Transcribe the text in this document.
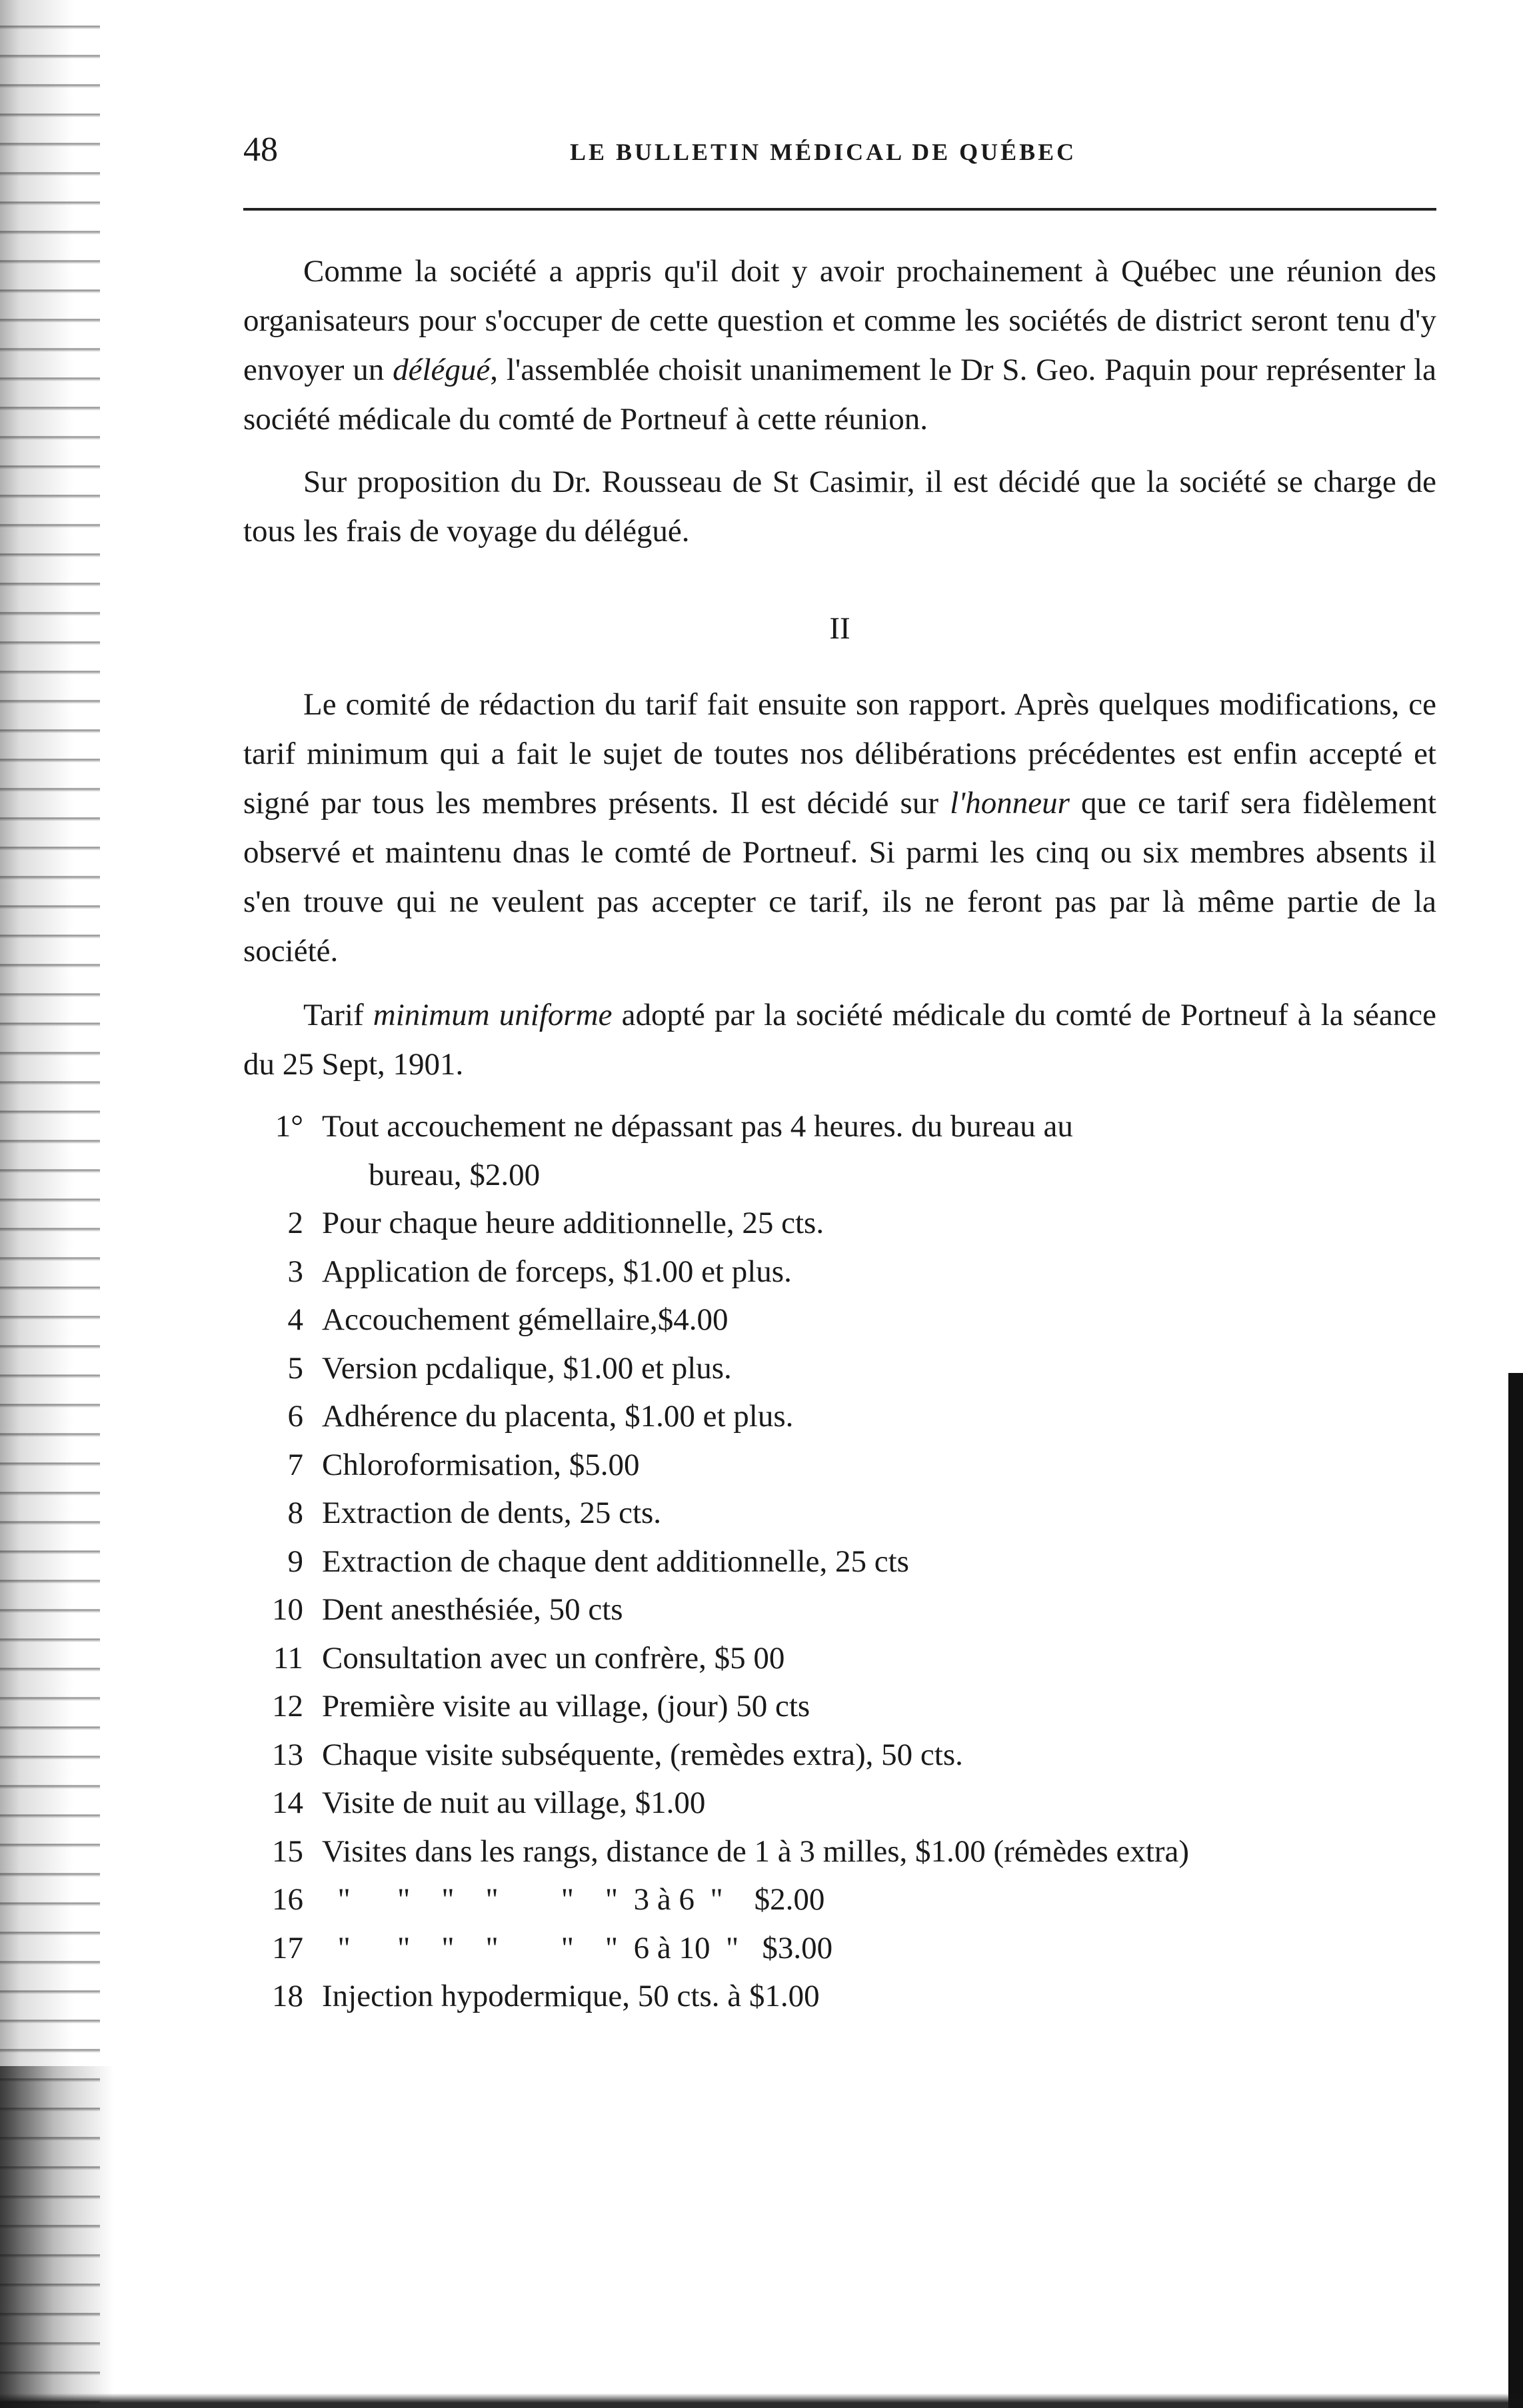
48	LE BULLETIN MÉDICAL DE QUÉBEC

Comme la société a appris qu'il doit y avoir prochainement à Québec une réunion des organisateurs pour s'occuper de cette question et comme les sociétés de district seront tenu d'y envoyer un délégué, l'assemblée choisit unanimement le Dr S. Geo. Paquin pour représenter la société médicale du comté de Portneuf à cette réunion.

Sur proposition du Dr. Rousseau de St Casimir, il est décidé que la société se charge de tous les frais de voyage du délégué.

II

Le comité de rédaction du tarif fait ensuite son rapport. Après quelques modifications, ce tarif minimum qui a fait le sujet de toutes nos délibérations précédentes est enfin accepté et signé par tous les membres présents. Il est décidé sur l'honneur que ce tarif sera fidèlement observé et maintenu dnas le comté de Portneuf. Si parmi les cinq ou six membres absents il s'en trouve qui ne veulent pas accepter ce tarif, ils ne feront pas par là même partie de la société.

Tarif minimum uniforme adopté par la société médicale du comté de Portneuf à la séance du 25 Sept, 1901.

1° Tout accouchement ne dépassant pas 4 heures. du bureau au
bureau, $2.00
2 Pour chaque heure additionnelle, 25 cts.
3 Application de forceps, $1.00 et plus.
4 Accouchement gémellaire,$4.00
5 Version pcdalique, $1.00 et plus.
6 Adhérence du placenta, $1.00 et plus.
7 Chloroformisation, $5.00
8 Extraction de dents, 25 cts.
9 Extraction de chaque dent additionnelle, 25 cts
10 Dent anesthésiée, 50 cts
11 Consultation avec un confrère, $5 00
12 Première visite au village, (jour) 50 cts
13 Chaque visite subséquente, (remèdes extra), 50 cts.
14 Visite de nuit au village, $1.00
15 Visites dans les rangs, distance de 1 à 3 milles, $1.00 (rémèdes extra)
16 "      "    "    "        "    "  3 à 6  "    $2.00
17 "      "    "    "        "    "  6 à 10  "   $3.00
18 Injection hypodermique, 50 cts. à $1.00
